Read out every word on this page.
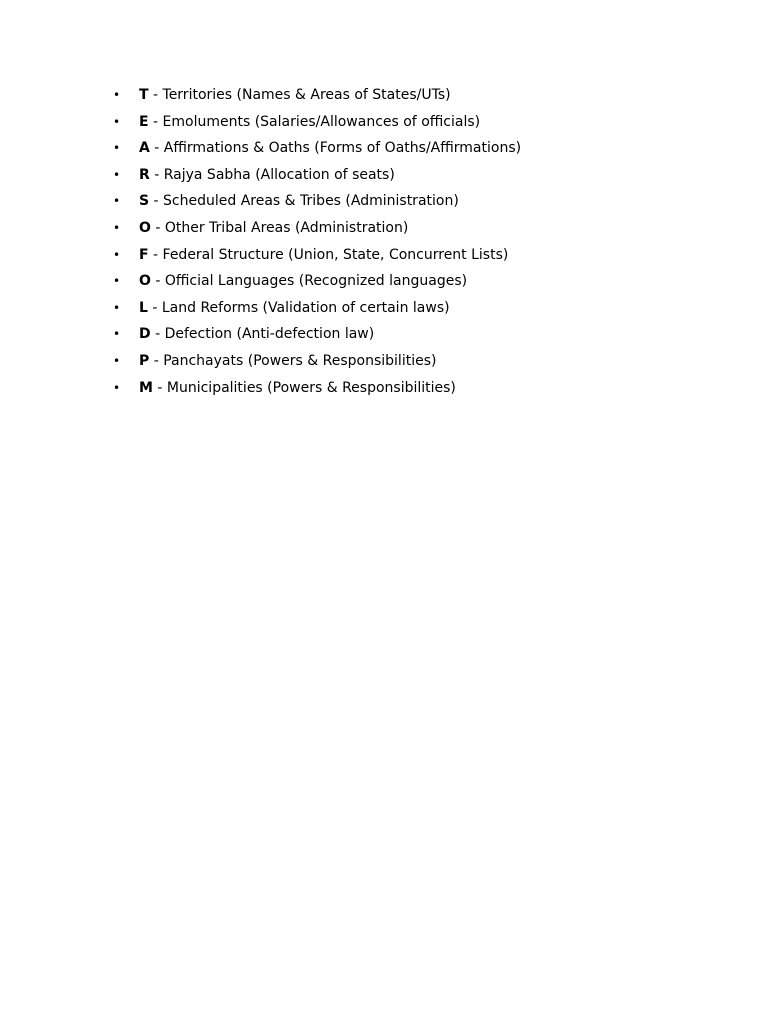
• T - Territories (Names & Areas of States/UTs)
• E - Emoluments (Salaries/Allowances of officials)
• A - Affirmations & Oaths (Forms of Oaths/Affirmations)
• R - Rajya Sabha (Allocation of seats)
• S - Scheduled Areas & Tribes (Administration)
• O - Other Tribal Areas (Administration)
• F - Federal Structure (Union, State, Concurrent Lists)
• O - Official Languages (Recognized languages)
• L - Land Reforms (Validation of certain laws)
• D - Defection (Anti-defection law)
• P - Panchayats (Powers & Responsibilities)
• M - Municipalities (Powers & Responsibilities)
